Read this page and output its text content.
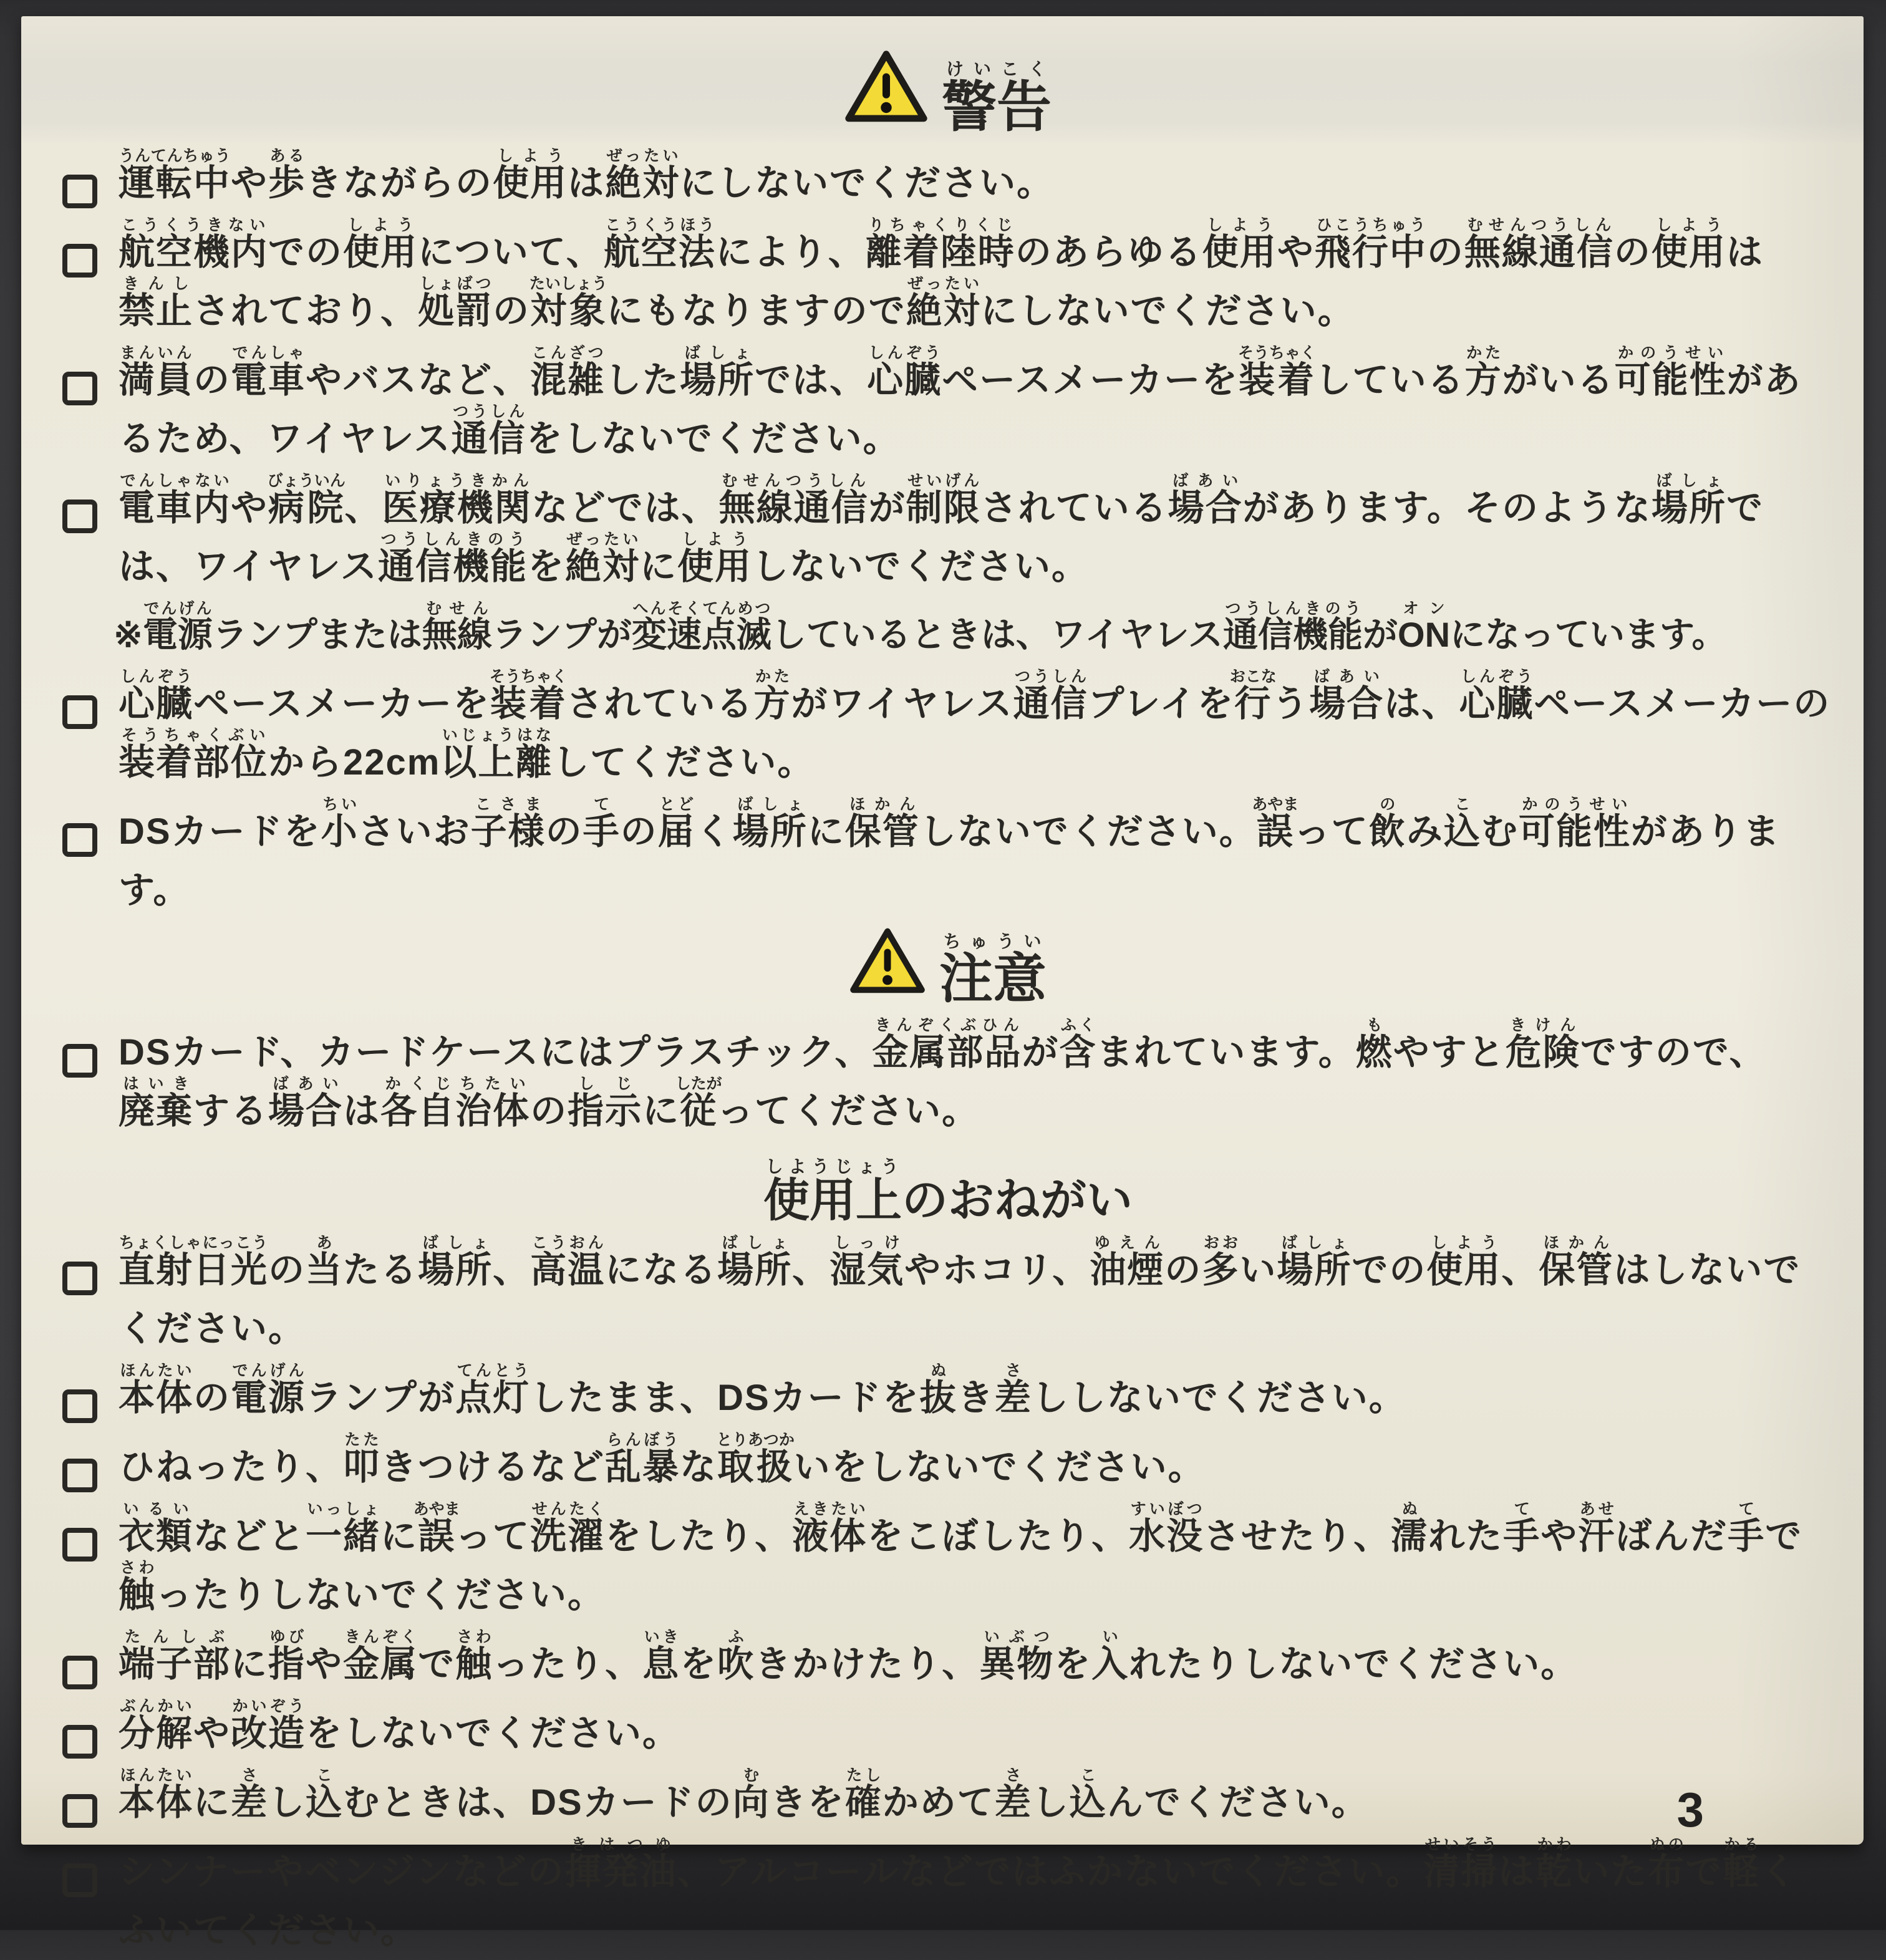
警告けいこく
運転中うんてんちゅうや歩あるきながらの使用しようは絶対ぜったいにしないでください。
航空機内こうくうきないでの使用しようについて、航空法こうくうほうにより、離着陸時りちゃくりくじのあらゆる使用しようや飛行中ひこうちゅうの無線通信むせんつうしんの使用しようは禁止きんしされており、処罰しょばつの対象たいしょうにもなりますので絶対ぜったいにしないでください。
満員まんいんの電車でんしゃやバスなど、混雑こんざつした場所ばしょでは、心臓しんぞうペースメーカーを装着そうちゃくしている方かたがいる可能性かのうせいがあるため、ワイヤレス通信つうしんをしないでください。
電車内でんしゃないや病院びょういん、医療機関いりょうきかんなどでは、無線通信むせんつうしんが制限せいげんされている場合ばあいがあります。そのような場所ばしょでは、ワイヤレス通信機能つうしんきのうを絶対ぜったいに使用しようしないでください。
※電源でんげんランプまたは無線むせんランプが変速点滅へんそくてんめつしているときは、ワイヤレス通信機能つうしんきのうがONオンになっています。
心臓しんぞうペースメーカーを装着そうちゃくされている方かたがワイヤレス通信つうしんプレイを行おこなう場合ばあいは、心臓しんぞうペースメーカーの装着部位そうちゃくぶいから22cm以上離いじょうはなしてください。
DSカードを小ちいさいお子様こさまの手ての届とどく場所ばしょに保管ほかんしないでください。誤あやまって飲のみ込こむ可能性かのうせいがあります。
注意ちゅうい
DSカード、カードケースにはプラスチック、金属部品きんぞくぶひんが含ふくまれています。燃もやすと危険きけんですので、廃棄はいきする場合ばあいは各自治体かくじちたいの指示しじに従したがってください。
使用上しようじょうのおねがい
直射日光ちょくしゃにっこうの当あたる場所ばしょ、高温こうおんになる場所ばしょ、湿気しっけやホコリ、油煙ゆえんの多おおい場所ばしょでの使用しよう、保管ほかんはしないでください。
本体ほんたいの電源でんげんランプが点灯てんとうしたまま、DSカードを抜ぬき差さししないでください。
ひねったり、叩たたきつけるなど乱暴らんぼうな取扱とりあつかいをしないでください。
衣類いるいなどと一緒いっしょに誤あやまって洗濯せんたくをしたり、液体えきたいをこぼしたり、水没すいぼつさせたり、濡ぬれた手てや汗あせばんだ手てで触さわったりしないでください。
端子部たんしぶに指ゆびや金属きんぞくで触さわったり、息いきを吹ふきかけたり、異物いぶつを入いれたりしないでください。
分解ぶんかいや改造かいぞうをしないでください。
本体ほんたいに差さし込こむときは、DSカードの向むきを確たしかめて差さし込こんでください。
シンナーやベンジンなどの揮発油きはつゆ、アルコールなどではふかないでください。清掃せいそうは乾かわいた布ぬので軽かるくふいてください。
3
